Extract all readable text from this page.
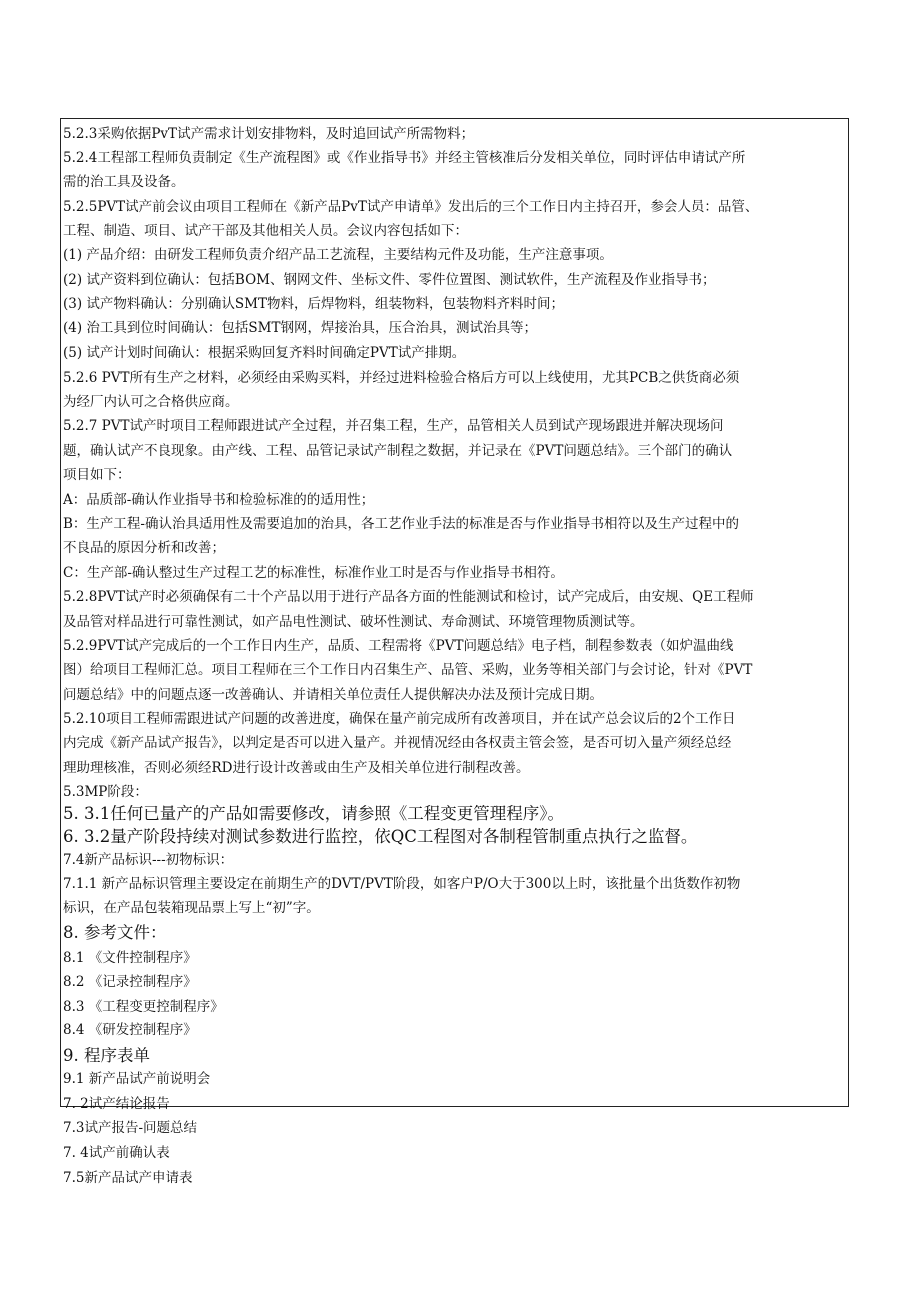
5.2.3采购依据PvT试产需求计划安排物料，及时追回试产所需物料；
5.2.4工程部工程师负责制定《生产流程图》或《作业指导书》并经主管核准后分发相关单位，同时评估申请试产所
需的治工具及设备。
5.2.5PVT试产前会议由项目工程师在《新产品PvT试产申请单》发出后的三个工作日内主持召开，参会人员：品管、
工程、制造、项目、试产干部及其他相关人员。会议内容包括如下：
(1) 产品介绍：由研发工程师负责介绍产品工艺流程，主要结构元件及功能，生产注意事项。
(2) 试产资料到位确认：包括BOM、钢网文件、坐标文件、零件位置图、测试软件，生产流程及作业指导书；
(3) 试产物料确认：分别确认SMT物料，后焊物料，组装物料，包装物料齐料时间；
(4) 治工具到位时间确认：包括SMT钢网，焊接治具，压合治具，测试治具等；
(5) 试产计划时间确认：根据采购回复齐料时间确定PVT试产排期。
5.2.6 PVT所有生产之材料，必须经由采购买料，并经过进料检验合格后方可以上线使用，尤其PCB之供货商必须
为经厂内认可之合格供应商。
5.2.7 PVT试产时项目工程师跟进试产全过程，并召集工程，生产，品管相关人员到试产现场跟进并解决现场问
题，确认试产不良现象。由产线、工程、品管记录试产制程之数据，并记录在《PVT问题总结》。三个部门的确认
项目如下：
A：品质部-确认作业指导书和检验标准的的适用性；
B：生产工程-确认治具适用性及需要追加的治具，各工艺作业手法的标准是否与作业指导书相符以及生产过程中的
不良品的原因分析和改善；
C：生产部-确认整过生产过程工艺的标准性，标准作业工时是否与作业指导书相符。
5.2.8PVT试产时必须确保有二十个产品以用于进行产品各方面的性能测试和检讨，试产完成后，由安规、QE工程师
及品管对样品进行可靠性测试，如产品电性测试、破坏性测试、寿命测试、环境管理物质测试等。
5.2.9PVT试产完成后的一个工作日内生产，品质、工程需将《PVT问题总结》电子档，制程参数表（如炉温曲线
图）给项目工程师汇总。项目工程师在三个工作日内召集生产、品管、采购，业务等相关部门与会讨论，针对《PVT
问题总结》中的问题点逐一改善确认、并请相关单位责任人提供解决办法及预计完成日期。
5.2.10项目工程师需跟进试产问题的改善进度，确保在量产前完成所有改善项目，并在试产总会议后的2个工作日
内完成《新产品试产报告》，以判定是否可以进入量产。并视情况经由各权责主管会签，是否可切入量产须经总经
理助理核准，否则必须经RD进行设计改善或由生产及相关单位进行制程改善。
5.3MP阶段：
5. 3.1任何已量产的产品如需要修改，请参照《工程变更管理程序》。
6. 3.2量产阶段持续对测试参数进行监控，依QC工程图对各制程管制重点执行之监督。
7.4新产品标识---初物标识：
7.1.1 新产品标识管理主要设定在前期生产的DVT/PVT阶段，如客户P/O大于300以上时，该批量个出货数作初物
标识，在产品包装箱现品票上写上“初”字。
8. 参考文件：
8.1 《文件控制程序》
8.2 《记录控制程序》
8.3 《工程变更控制程序》
8.4 《研发控制程序》
9. 程序表单
9.1 新产品试产前说明会
7. 2试产结论报告
7.3试产报告-问题总结
7. 4试产前确认表
7.5新产品试产申请表
